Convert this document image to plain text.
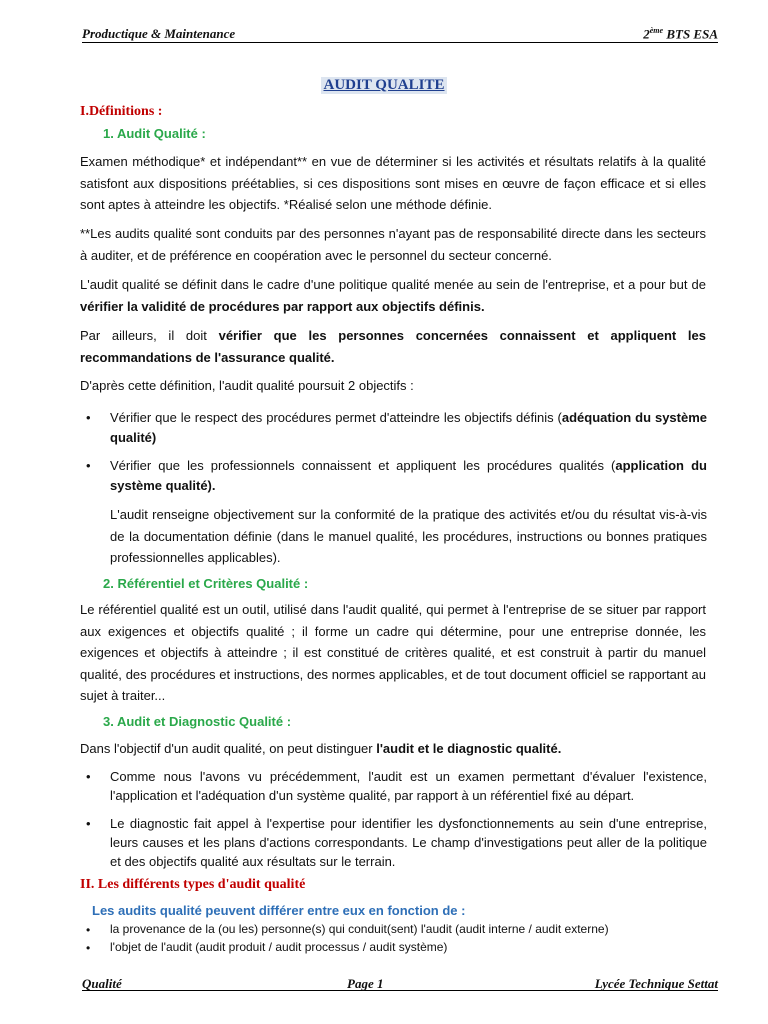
Productique & Maintenance	2ème BTS ESA
AUDIT QUALITE
I.Définitions :
1. Audit Qualité :
Examen méthodique* et indépendant** en vue de déterminer si les activités et résultats relatifs à la qualité satisfont aux dispositions préétablies, si ces dispositions sont mises en œuvre de façon efficace et si elles sont aptes à atteindre les objectifs. *Réalisé selon une méthode définie.
**Les audits qualité sont conduits par des personnes n'ayant pas de responsabilité directe dans les secteurs à auditer, et de préférence en coopération avec le personnel du secteur concerné.
L'audit qualité se définit dans le cadre d'une politique qualité menée au sein de l'entreprise, et a pour but de vérifier la validité de procédures par rapport aux objectifs définis.
Par ailleurs, il doit vérifier que les personnes concernées connaissent et appliquent les recommandations de l'assurance qualité.
D'après cette définition, l'audit qualité poursuit 2 objectifs :
• Vérifier que le respect des procédures permet d'atteindre les objectifs définis (adéquation du système qualité)
• Vérifier que les professionnels connaissent et appliquent les procédures qualités (application du système qualité).
L'audit renseigne objectivement sur la conformité de la pratique des activités et/ou du résultat vis-à-vis de la documentation définie (dans le manuel qualité, les procédures, instructions ou bonnes pratiques professionnelles applicables).
2. Référentiel et Critères Qualité :
Le référentiel qualité est un outil, utilisé dans l'audit qualité, qui permet à l'entreprise de se situer par rapport aux exigences et objectifs qualité ; il forme un cadre qui détermine, pour une entreprise donnée, les exigences et objectifs à atteindre ; il est constitué de critères qualité, et est construit à partir du manuel qualité, des procédures et instructions, des normes applicables, et de tout document officiel se rapportant au sujet à traiter...
3. Audit et Diagnostic Qualité :
Dans l'objectif d'un audit qualité, on peut distinguer l'audit et le diagnostic qualité.
• Comme nous l'avons vu précédemment, l'audit est un examen permettant d'évaluer l'existence, l'application et l'adéquation d'un système qualité, par rapport à un référentiel fixé au départ.
• Le diagnostic fait appel à l'expertise pour identifier les dysfonctionnements au sein d'une entreprise, leurs causes et les plans d'actions correspondants. Le champ d'investigations peut aller de la politique et des objectifs qualité aux résultats sur le terrain.
II. Les différents types d'audit qualité
Les audits qualité peuvent différer entre eux en fonction de :
• la provenance de la (ou les) personne(s) qui conduit(sent) l'audit (audit interne / audit externe)
• l'objet de l'audit (audit produit / audit processus / audit système)
Qualité	Page 1	Lycée Technique Settat
